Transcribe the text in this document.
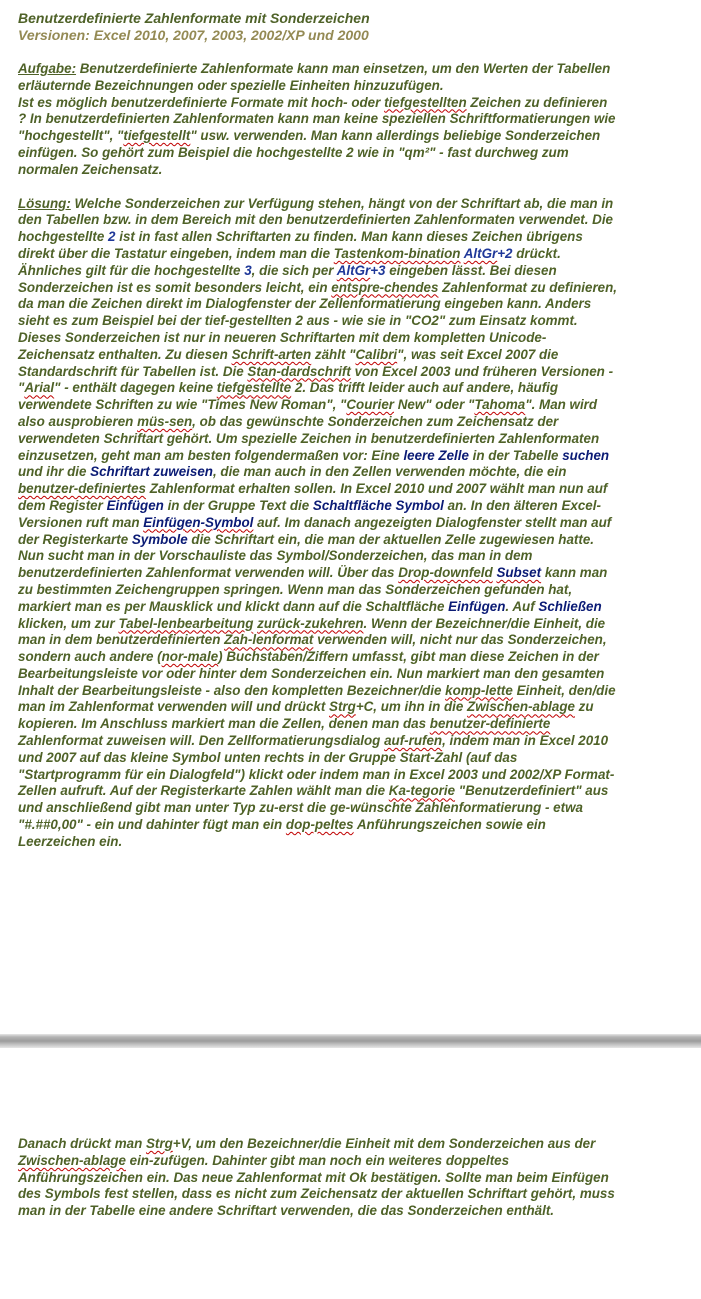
Benutzerdefinierte Zahlenformate mit Sonderzeichen

Versionen: Excel 2010, 2007, 2003, 2002/XP und 2000

Aufgabe: Benutzerdefinierte Zahlenformate kann man einsetzen, um den Werten der Tabellen erläuternde Bezeichnungen oder spezielle Einheiten hinzuzufügen.
Ist es möglich benutzerdefinierte Formate mit hoch- oder tiefgestellten Zeichen zu definieren ? In benutzerdefinierten Zahlenformaten kann man keine speziellen Schriftformatierungen wie "hochgestellt", "tiefgestellt" usw. verwenden. Man kann allerdings beliebige Sonderzeichen einfügen. So gehört zum Beispiel die hochgestellte 2 wie in "qm²" - fast durchweg zum normalen Zeichensatz.

Lösung: Welche Sonderzeichen zur Verfügung stehen, hängt von der Schriftart ab, die man in den Tabellen bzw. in dem Bereich mit den benutzerdefinierten Zahlenformaten verwendet. Die hochgestellte 2 ist in fast allen Schriftarten zu finden. Man kann dieses Zeichen übrigens direkt über die Tastatur eingeben, indem man die Tastenkom-bination AltGr+2 drückt. Ähnliches gilt für die hochgestellte 3, die sich per AltGr+3 eingeben lässt. Bei diesen Sonderzeichen ist es somit besonders leicht, ein entspre-chendes Zahlenformat zu definieren, da man die Zeichen direkt im Dialogfenster der Zellenformatierung eingeben kann. Anders sieht es zum Beispiel bei der tief-gestellten 2 aus - wie sie in "CO2" zum Einsatz kommt. Dieses Sonderzeichen ist nur in neueren Schriftarten mit dem kompletten Unicode-Zeichensatz enthalten. Zu diesen Schrift-arten zählt "Calibri", was seit Excel 2007 die Standardschrift für Tabellen ist. Die Stan-dardschrift von Excel 2003 und früheren Versionen - "Arial" - enthält dagegen keine tiefgestellte 2. Das trifft leider auch auf andere, häufig verwendete Schriften zu wie "Times New Roman", "Courier New" oder "Tahoma". Man wird also ausprobieren müs-sen, ob das gewünschte Sonderzeichen zum Zeichensatz der verwendeten Schriftart gehört. Um spezielle Zeichen in benutzerdefinierten Zahlenformaten einzusetzen, geht man am besten folgendermaßen vor: Eine leere Zelle in der Tabelle suchen und ihr die Schriftart zuweisen, die man auch in den Zellen verwenden möchte, die ein benutzer-definiertes Zahlenformat erhalten sollen. In Excel 2010 und 2007 wählt man nun auf dem Register Einfügen in der Gruppe Text die Schaltfläche Symbol an. In den älteren Excel-Versionen ruft man Einfügen-Symbol auf. Im danach angezeigten Dialogfenster stellt man auf der Registerkarte Symbole die Schriftart ein, die man der aktuellen Zelle zugewiesen hatte. Nun sucht man in der Vorschauliste das Symbol/Sonderzeichen, das man in dem benutzerdefinierten Zahlenformat verwenden will. Über das Drop-downfeld Subset kann man zu bestimmten Zeichengruppen springen. Wenn man das Sonderzeichen gefunden hat, markiert man es per Mausklick und klickt dann auf die Schaltfläche Einfügen. Auf Schließen klicken, um zur Tabel-lenbearbeitung zurück-zukehren. Wenn der Bezeichner/die Einheit, die man in dem benutzerdefinierten Zah-lenformat verwenden will, nicht nur das Sonderzeichen, sondern auch andere (nor-male) Buchstaben/Ziffern umfasst, gibt man diese Zeichen in der Bearbeitungsleiste vor oder hinter dem Sonderzeichen ein. Nun markiert man den gesamten Inhalt der Bearbeitungsleiste - also den kompletten Bezeichner/die komp-lette Einheit, den/die man im Zahlenformat verwenden will und drückt Strg+C, um ihn in die Zwischen-ablage zu kopieren. Im Anschluss markiert man die Zellen, denen man das benutzer-definierte Zahlenformat zuweisen will. Den Zellformatierungsdialog auf-rufen, indem man in Excel 2010 und 2007 auf das kleine Symbol unten rechts in der Gruppe Start-Zahl (auf das "Startprogramm für ein Dialogfeld") klickt oder indem man in Excel 2003 und 2002/XP Format-Zellen aufruft. Auf der Registerkarte Zahlen wählt man die Ka-tegorie "Benutzerdefiniert" aus und anschließend gibt man unter Typ zu-erst die ge-wünschte Zahlenformatierung - etwa "#.##0,00" - ein und dahinter fügt man ein dop-peltes Anführungszeichen sowie ein Leerzeichen ein.

Danach drückt man Strg+V, um den Bezeichner/die Einheit mit dem Sonderzeichen aus der Zwischen-ablage ein-zufügen. Dahinter gibt man noch ein weiteres doppeltes Anführungszeichen ein. Das neue Zahlenformat mit Ok bestätigen. Sollte man beim Einfügen des Symbols fest stellen, dass es nicht zum Zeichensatz der aktuellen Schriftart gehört, muss man in der Tabelle eine andere Schriftart verwenden, die das Sonderzeichen enthält.
